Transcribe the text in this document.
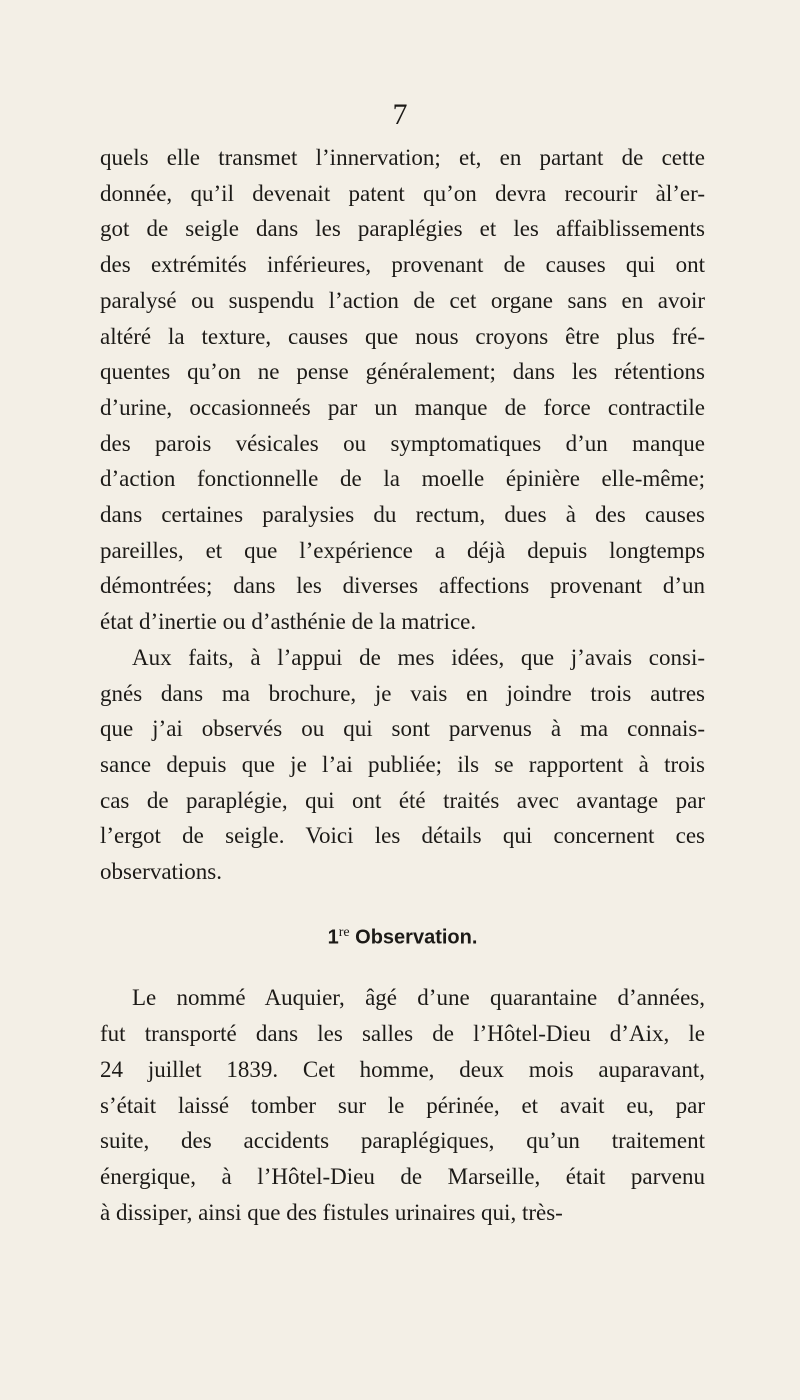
7
quels elle transmet l’innervation; et, en partant de cette
donnée, qu’il devenait patent qu’on devra recourir àl’er-
got de seigle dans les paraplégies et les affaiblissements
des extrémités inférieures, provenant de causes qui ont
paralysé ou suspendu l’action de cet organe sans en avoir
altéré la texture, causes que nous croyons être plus fré-
quentes qu’on ne pense généralement; dans les rétentions
d’urine, occasionneés par un manque de force contractile
des parois vésicales ou symptomatiques d’un manque
d’action fonctionnelle de la moelle épinière elle-même;
dans certaines paralysies du rectum, dues à des causes
pareilles, et que l’expérience a déjà depuis longtemps
démontrées; dans les diverses affections provenant d’un
état d’inertie ou d’asthénie de la matrice.
Aux faits, à l’appui de mes idées, que j’avais consi-
gnés dans ma brochure, je vais en joindre trois autres
que j’ai observés ou qui sont parvenus à ma connais-
sance depuis que je l’ai publiée; ils se rapportent à trois
cas de paraplégie, qui ont été traités avec avantage par
l’ergot de seigle. Voici les détails qui concernent ces
observations.
1re Observation.
Le nommé Auquier, âgé d’une quarantaine d’années,
fut transporté dans les salles de l’Hôtel-Dieu d’Aix, le
24 juillet 1839. Cet homme, deux mois auparavant,
s’était laissé tomber sur le périnée, et avait eu, par
suite, des accidents paraplégiques, qu’un traitement
énergique, à l’Hôtel-Dieu de Marseille, était parvenu
à dissiper, ainsi que des fistules urinaires qui, très-
